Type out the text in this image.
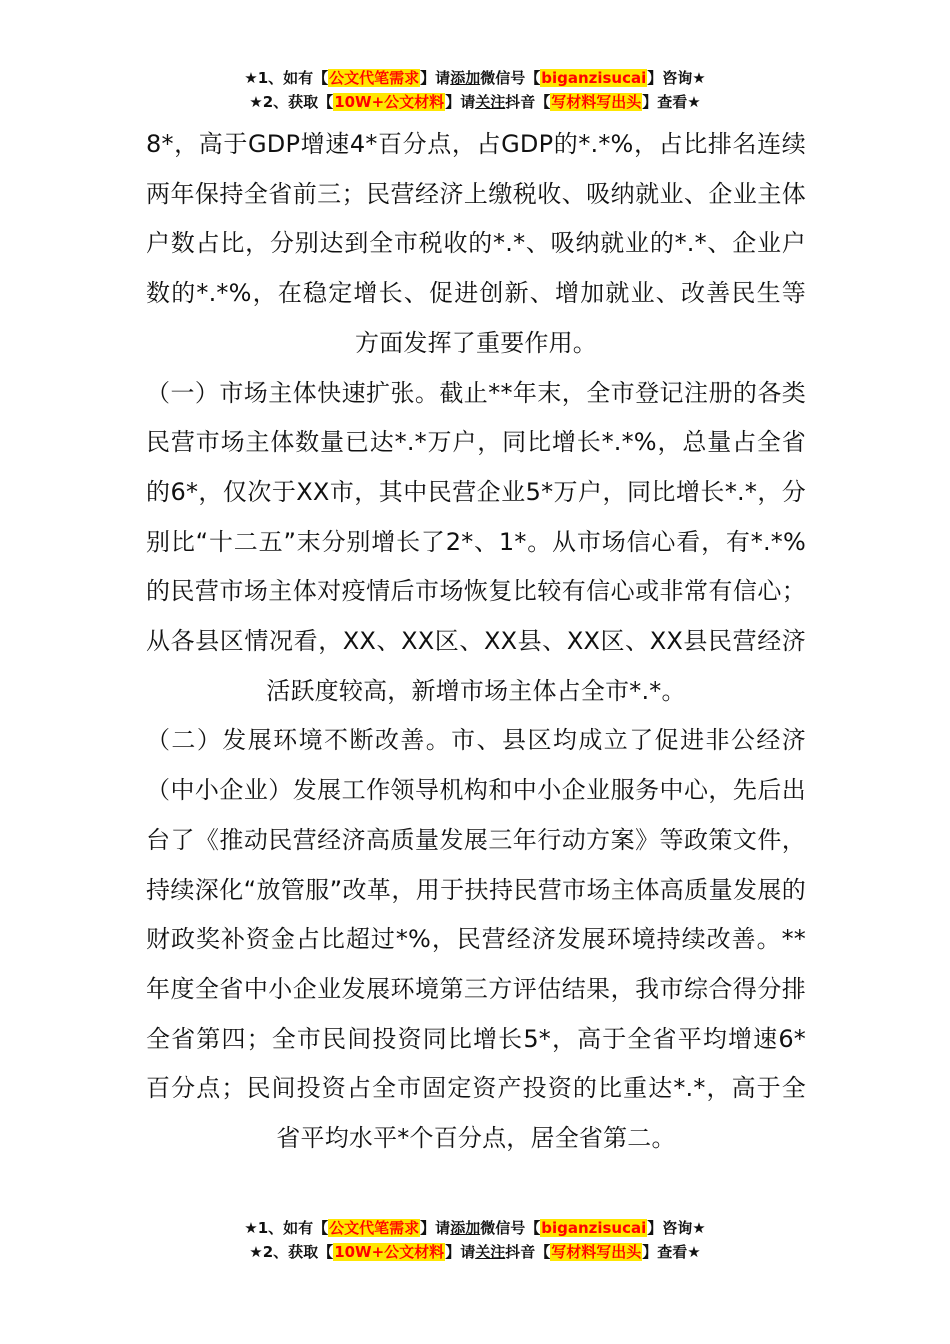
★1、如有【公文代笔需求】请添加微信号【biganzisucai】咨询★
★2、获取【10W+公文材料】请关注抖音【写材料写出头】查看★

8*，高于GDP增速4*百分点，占GDP的*.*%，占比排名连续两年保持全省前三；民营经济上缴税收、吸纳就业、企业主体户数占比，分别达到全市税收的*.*、吸纳就业的*.*、企业户数的*.*%，在稳定增长、促进创新、增加就业、改善民生等方面发挥了重要作用。

（一）市场主体快速扩张。截止**年末，全市登记注册的各类民营市场主体数量已达*.*万户，同比增长*.*%，总量占全省的6*，仅次于XX市，其中民营企业5*万户，同比增长*.*，分别比“十二五”末分别增长了2*、1*。从市场信心看，有*.*%的民营市场主体对疫情后市场恢复比较有信心或非常有信心；从各县区情况看，XX、XX区、XX县、XX区、XX县民营经济活跃度较高，新增市场主体占全市*.*。

（二）发展环境不断改善。市、县区均成立了促进非公经济（中小企业）发展工作领导机构和中小企业服务中心，先后出台了《推动民营经济高质量发展三年行动方案》等政策文件，持续深化“放管服”改革，用于扶持民营市场主体高质量发展的财政奖补资金占比超过*%，民营经济发展环境持续改善。**年度全省中小企业发展环境第三方评估结果，我市综合得分排全省第四；全市民间投资同比增长5*，高于全省平均增速6*百分点；民间投资占全市固定资产投资的比重达*.*，高于全省平均水平*个百分点，居全省第二。

★1、如有【公文代笔需求】请添加微信号【biganzisucai】咨询★
★2、获取【10W+公文材料】请关注抖音【写材料写出头】查看★
